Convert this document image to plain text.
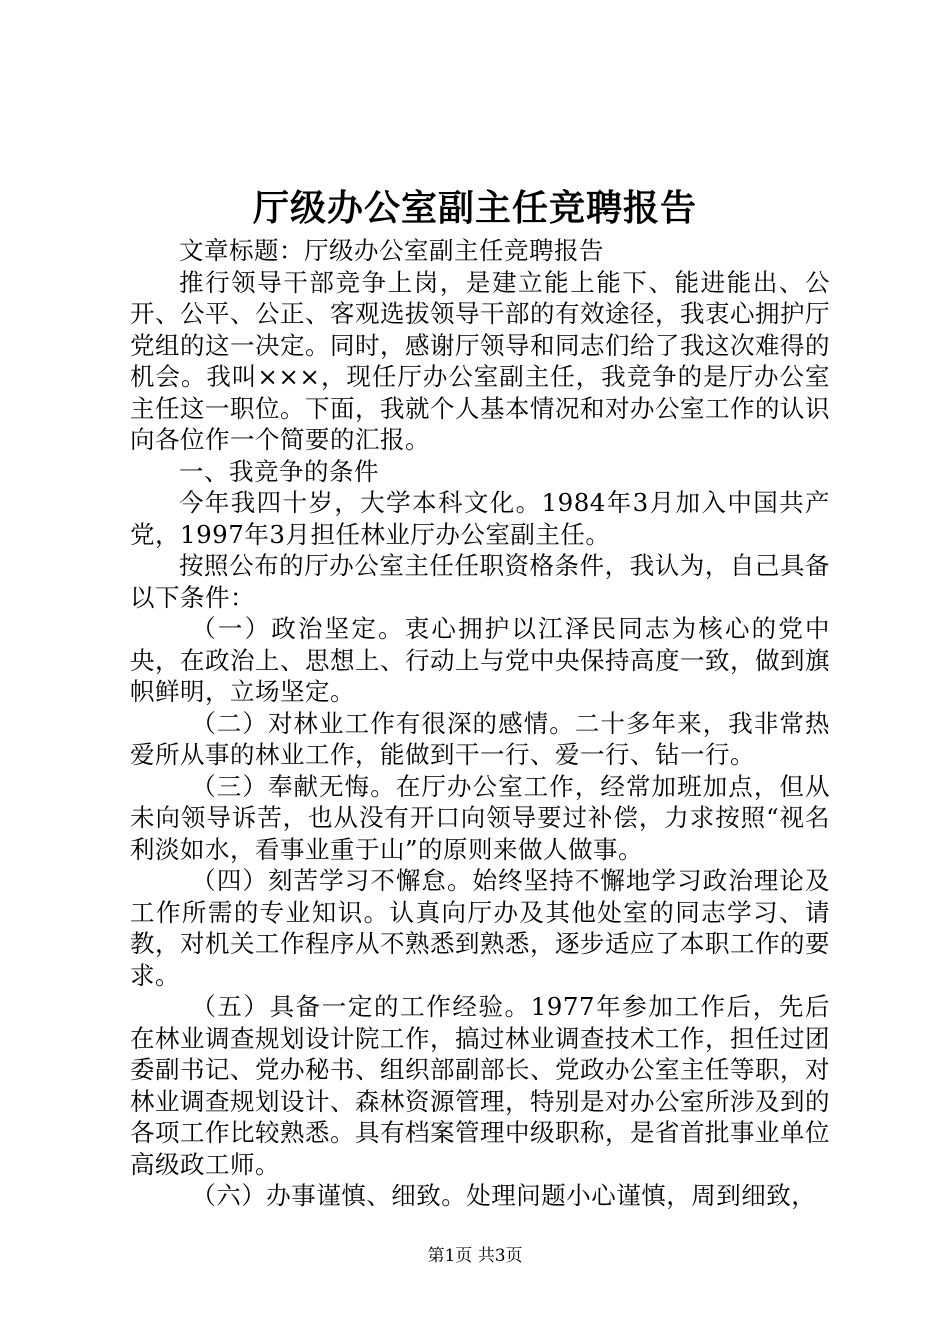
厅级办公室副主任竞聘报告

文章标题：厅级办公室副主任竞聘报告

推行领导干部竞争上岗，是建立能上能下、能进能出、公开、公平、公正、客观选拔领导干部的有效途径，我衷心拥护厅党组的这一决定。同时，感谢厅领导和同志们给了我这次难得的机会。我叫×××，现任厅办公室副主任，我竞争的是厅办公室主任这一职位。下面，我就个人基本情况和对办公室工作的认识向各位作一个简要的汇报。

一、我竞争的条件

今年我四十岁，大学本科文化。1984年3月加入中国共产党，1997年3月担任林业厅办公室副主任。

按照公布的厅办公室主任任职资格条件，我认为，自己具备以下条件：

（一）政治坚定。衷心拥护以江泽民同志为核心的党中央，在政治上、思想上、行动上与党中央保持高度一致，做到旗帜鲜明，立场坚定。

（二）对林业工作有很深的感情。二十多年来，我非常热爱所从事的林业工作，能做到干一行、爱一行、钻一行。

（三）奉献无悔。在厅办公室工作，经常加班加点，但从未向领导诉苦，也从没有开口向领导要过补偿，力求按照“视名利淡如水，看事业重于山”的原则来做人做事。

（四）刻苦学习不懈怠。始终坚持不懈地学习政治理论及工作所需的专业知识。认真向厅办及其他处室的同志学习、请教，对机关工作程序从不熟悉到熟悉，逐步适应了本职工作的要求。

（五）具备一定的工作经验。1977年参加工作后，先后在林业调查规划设计院工作，搞过林业调查技术工作，担任过团委副书记、党办秘书、组织部副部长、党政办公室主任等职，对林业调查规划设计、森林资源管理，特别是对办公室所涉及到的各项工作比较熟悉。具有档案管理中级职称，是省首批事业单位高级政工师。

（六）办事谨慎、细致。处理问题小心谨慎，周到细致，

第1页 共3页
